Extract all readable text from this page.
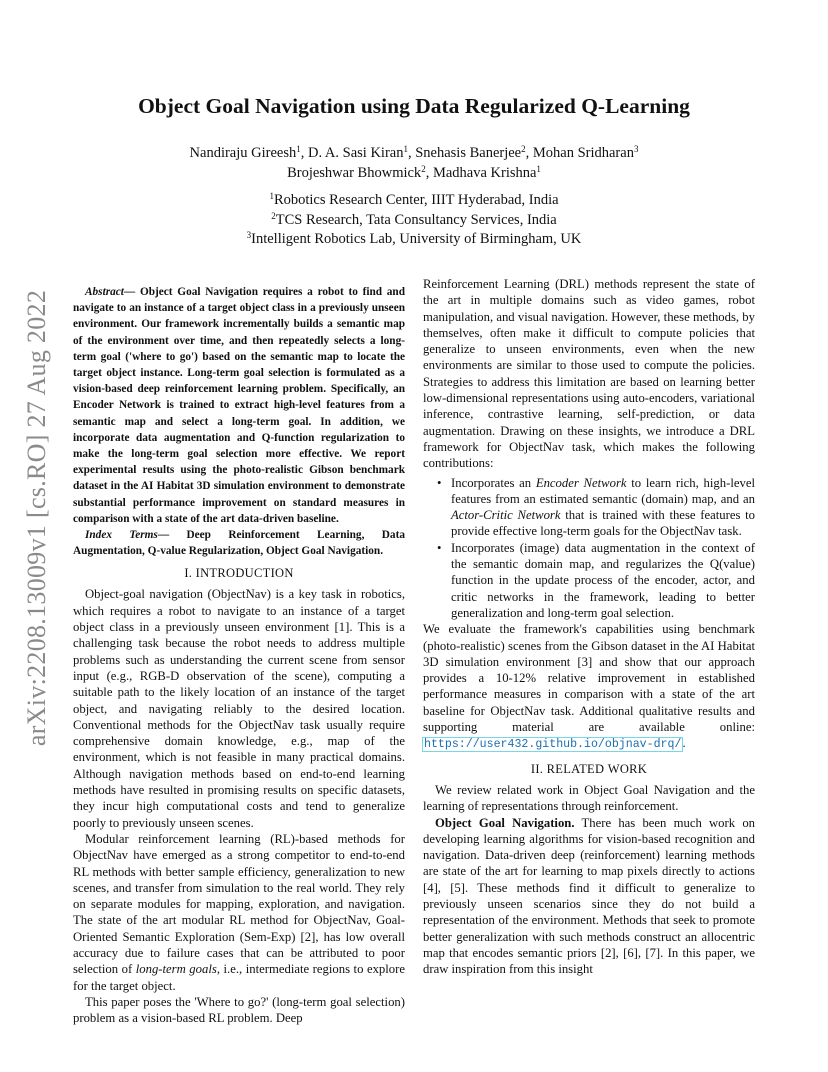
arXiv:2208.13009v1 [cs.RO] 27 Aug 2022
Object Goal Navigation using Data Regularized Q-Learning
Nandiraju Gireesh$^1$, D. A. Sasi Kiran$^1$, Snehasis Banerjee$^2$, Mohan Sridharan$^3$
Brojeshwar Bhowmick$^2$, Madhava Krishna$^1$
$^1$Robotics Research Center, IIIT Hyderabad, India
$^2$TCS Research, Tata Consultancy Services, India
$^3$Intelligent Robotics Lab, University of Birmingham, UK

Abstract— Object Goal Navigation requires a robot to find and navigate to an instance of a target object class in a previously unseen environment. Our framework incrementally builds a semantic map of the environment over time, and then repeatedly selects a long-term goal ('where to go') based on the semantic map to locate the target object instance. Long-term goal selection is formulated as a vision-based deep reinforcement learning problem. Specifically, an Encoder Network is trained to extract high-level features from a semantic map and select a long-term goal. In addition, we incorporate data augmentation and Q-function regularization to make the long-term goal selection more effective. We report experimental results using the photo-realistic Gibson benchmark dataset in the AI Habitat 3D simulation environment to demonstrate substantial performance improvement on standard measures in comparison with a state of the art data-driven baseline.

Index Terms— Deep Reinforcement Learning, Data Augmentation, Q-value Regularization, Object Goal Navigation.

I. INTRODUCTION

Object-goal navigation (ObjectNav) is a key task in robotics, which requires a robot to navigate to an instance of a target object class in a previously unseen environment [1]. This is a challenging task because the robot needs to address multiple problems such as understanding the current scene from sensor input (e.g., RGB-D observation of the scene), computing a suitable path to the likely location of an instance of the target object, and navigating reliably to the desired location. Conventional methods for the ObjectNav task usually require comprehensive domain knowledge, e.g., map of the environment, which is not feasible in many practical domains. Although navigation methods based on end-to-end learning methods have resulted in promising results on specific datasets, they incur high computational costs and tend to generalize poorly to previously unseen scenes.

Modular reinforcement learning (RL)-based methods for ObjectNav have emerged as a strong competitor to end-to-end RL methods with better sample efficiency, generalization to new scenes, and transfer from simulation to the real world. They rely on separate modules for mapping, exploration, and navigation. The state of the art modular RL method for ObjectNav, Goal-Oriented Semantic Exploration (Sem-Exp) [2], has low overall accuracy due to failure cases that can be attributed to poor selection of long-term goals, i.e., intermediate regions to explore for the target object.

This paper poses the 'Where to go?' (long-term goal selection) problem as a vision-based RL problem. Deep

Reinforcement Learning (DRL) methods represent the state of the art in multiple domains such as video games, robot manipulation, and visual navigation. However, these methods, by themselves, often make it difficult to compute policies that generalize to unseen environments, even when the new environments are similar to those used to compute the policies. Strategies to address this limitation are based on learning better low-dimensional representations using auto-encoders, variational inference, contrastive learning, self-prediction, or data augmentation. Drawing on these insights, we introduce a DRL framework for ObjectNav task, which makes the following contributions:

• Incorporates an Encoder Network to learn rich, high-level features from an estimated semantic (domain) map, and an Actor-Critic Network that is trained with these features to provide effective long-term goals for the ObjectNav task.
• Incorporates (image) data augmentation in the context of the semantic domain map, and regularizes the Q(value) function in the update process of the encoder, actor, and critic networks in the framework, leading to better generalization and long-term goal selection.

We evaluate the framework's capabilities using benchmark (photo-realistic) scenes from the Gibson dataset in the AI Habitat 3D simulation environment [3] and show that our approach provides a 10-12% relative improvement in established performance measures in comparison with a state of the art baseline for ObjectNav task. Additional qualitative results and supporting material are available online: https://user432.github.io/objnav-drq/.

II. RELATED WORK

We review related work in Object Goal Navigation and the learning of representations through reinforcement.

Object Goal Navigation. There has been much work on developing learning algorithms for vision-based recognition and navigation. Data-driven deep (reinforcement) learning methods are state of the art for learning to map pixels directly to actions [4], [5]. These methods find it difficult to generalize to previously unseen scenarios since they do not build a representation of the environment. Methods that seek to promote better generalization with such methods construct an allocentric map that encodes semantic priors [2], [6], [7]. In this paper, we draw inspiration from this insight
